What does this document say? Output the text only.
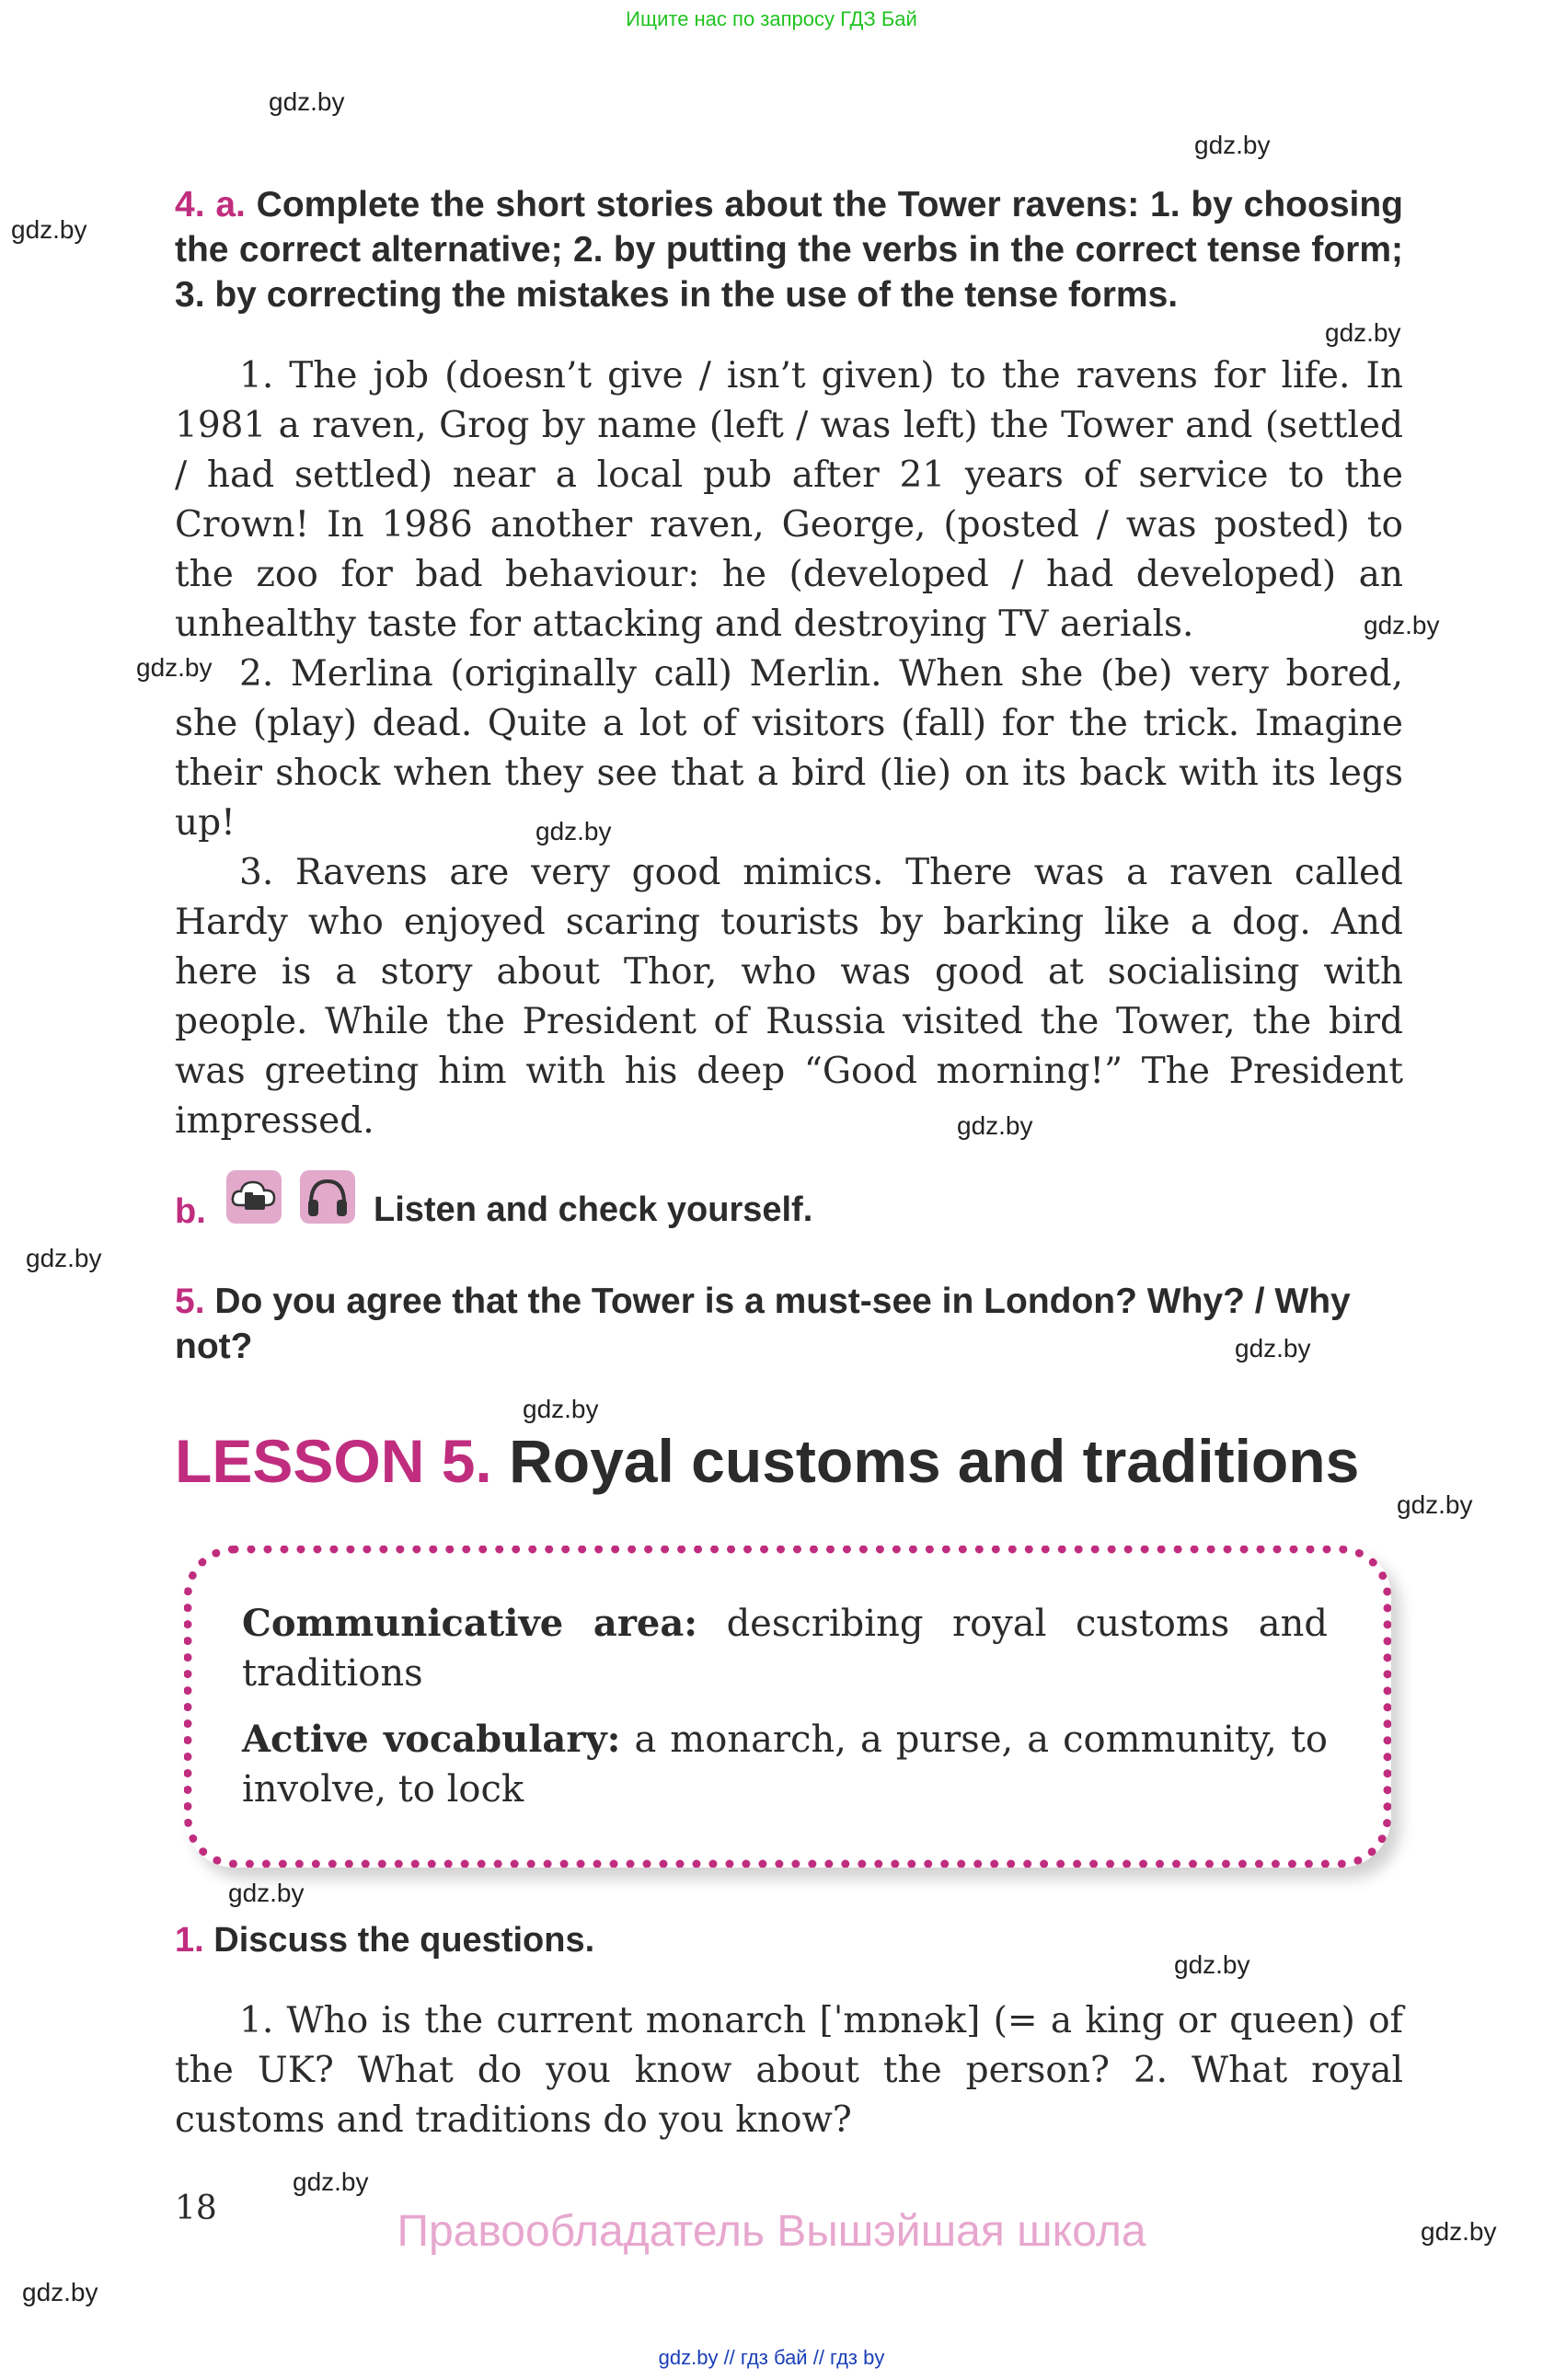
Ищите нас по запросу ГДЗ Бай
gdz.by
gdz.by
gdz.by
gdz.by
gdz.by
gdz.by
gdz.by
gdz.by
gdz.by
gdz.by
gdz.by
gdz.by
gdz.by
gdz.by
gdz.by
gdz.by
gdz.by
4. a. Complete the short stories about the Tower ravens: 1. by choosing the correct alternative; 2. by putting the verbs in the correct tense form; 3. by correcting the mistakes in the use of the tense forms.

1. The job (doesn’t give / isn’t given) to the ravens for life. In 1981 a raven, Grog by name (left / was left) the Tower and (settled / had settled) near a local pub after 21 years of service to the Crown! In 1986 another raven, George, (posted / was posted) to the zoo for bad behaviour: he (developed / had developed) an unhealthy taste for attacking and destroying TV aerials.

2. Merlina (originally call) Merlin. When she (be) very bored, she (play) dead. Quite a lot of visitors (fall) for the trick. Imagine their shock when they see that a bird (lie) on its back with its legs up!

3. Ravens are very good mimics. There was a raven called Hardy who enjoyed scaring tourists by barking like a dog. And here is a story about Thor, who was good at socialising with people. While the President of Russia visited the Tower, the bird was greeting him with his deep “Good morning!” The President impressed.

b.	Listen and check yourself.
5. Do you agree that the Tower is a must-see in London? Why? / Why not?
LESSON 5. Royal customs and traditions
Communicative area: describing royal customs and traditions
Active vocabulary: a monarch, a purse, a community, to involve, to lock
1. Discuss the questions.

1. Who is the current monarch [ˈmɒnək] (= a king or queen) of the UK? What do you know about the person? 2. What royal customs and traditions do you know?

18	Правообладатель Вышэйшая школа
gdz.by // гдз бай // гдз by
